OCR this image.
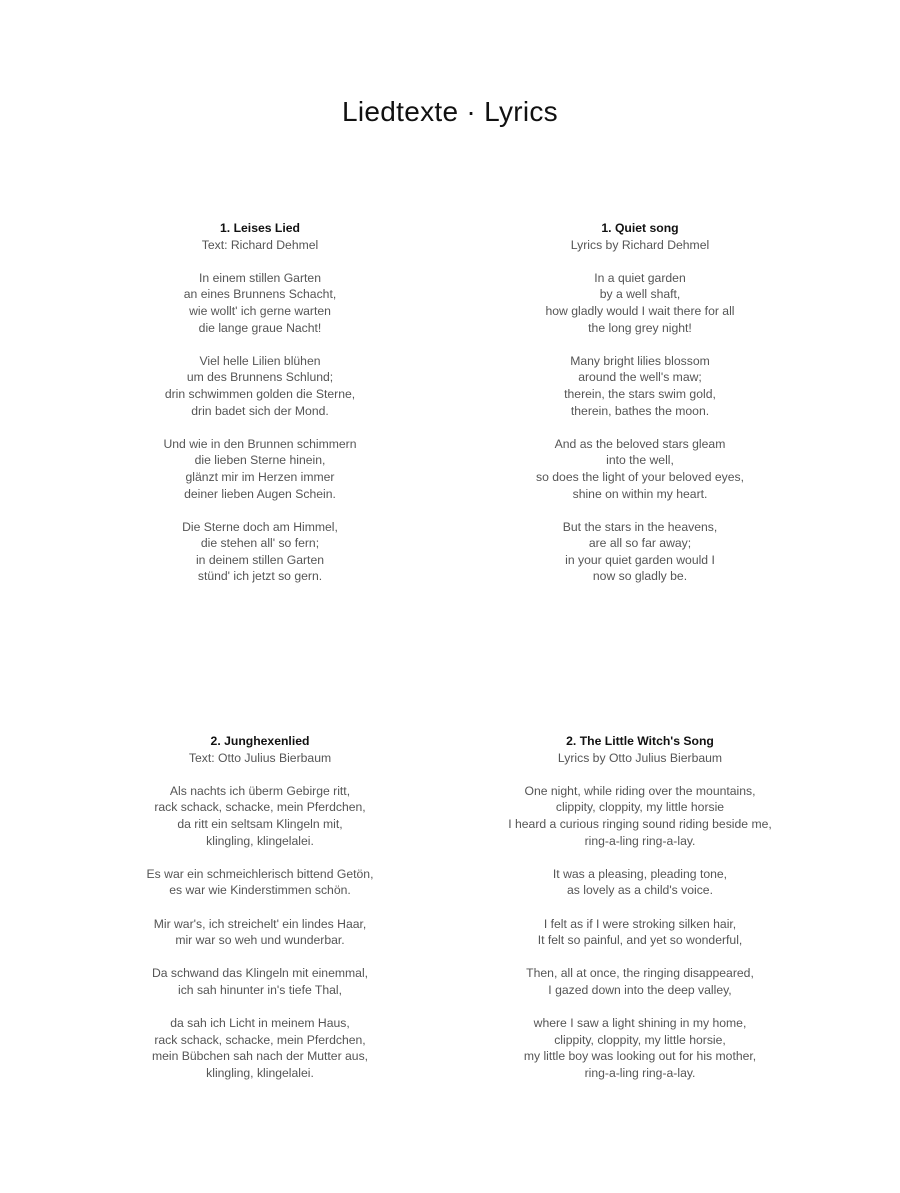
Liedtexte · Lyrics
1. Leises Lied
Text: Richard Dehmel
In einem stillen Garten
an eines Brunnens Schacht,
wie wollt' ich gerne warten
die lange graue Nacht!
Viel helle Lilien blühen
um des Brunnens Schlund;
drin schwimmen golden die Sterne,
drin badet sich der Mond.
Und wie in den Brunnen schimmern
die lieben Sterne hinein,
glänzt mir im Herzen immer
deiner lieben Augen Schein.
Die Sterne doch am Himmel,
die stehen all' so fern;
in deinem stillen Garten
stünd' ich jetzt so gern.
1. Quiet song
Lyrics by Richard Dehmel
In a quiet garden
by a well shaft,
how gladly would I wait there for all
the long grey night!
Many bright lilies blossom
around the well's maw;
therein, the stars swim gold,
therein, bathes the moon.
And as the beloved stars gleam
into the well,
so does the light of your beloved eyes,
shine on within my heart.
But the stars in the heavens,
are all so far away;
in your quiet garden would I
now so gladly be.
2. Junghexenlied
Text: Otto Julius Bierbaum
Als nachts ich überm Gebirge ritt,
rack schack, schacke, mein Pferdchen,
da ritt ein seltsam Klingeln mit,
klingling, klingelalei.
Es war ein schmeichlerisch bittend Getön,
es war wie Kinderstimmen schön.
Mir war's, ich streichelt' ein lindes Haar,
mir war so weh und wunderbar.
Da schwand das Klingeln mit einemmal,
ich sah hinunter in's tiefe Thal,
da sah ich Licht in meinem Haus,
rack schack, schacke, mein Pferdchen,
mein Bübchen sah nach der Mutter aus,
klingling, klingelalei.
2. The Little Witch's Song
Lyrics by Otto Julius Bierbaum
One night, while riding over the mountains,
clippity, cloppity, my little horsie
I heard a curious ringing sound riding beside me,
ring-a-ling ring-a-lay.
It was a pleasing, pleading tone,
as lovely as a child's voice.
I felt as if I were stroking silken hair,
It felt so painful, and yet so wonderful,
Then, all at once, the ringing disappeared,
I gazed down into the deep valley,
where I saw a light shining in my home,
clippity, cloppity, my little horsie,
my little boy was looking out for his mother,
ring-a-ling ring-a-lay.
